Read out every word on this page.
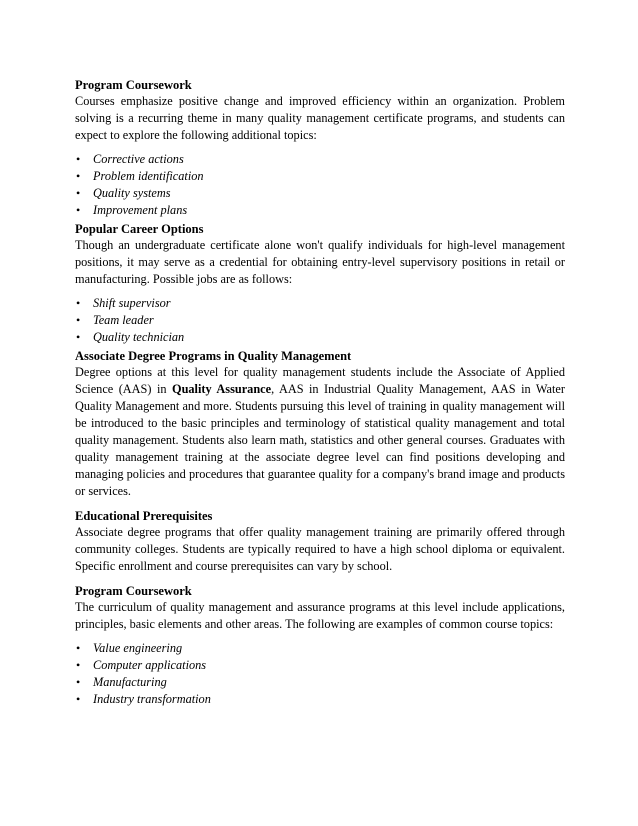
Program Coursework

Courses emphasize positive change and improved efficiency within an organization. Problem solving is a recurring theme in many quality management certificate programs, and students can expect to explore the following additional topics:

• Corrective actions
• Problem identification
• Quality systems
• Improvement plans
Popular Career Options

Though an undergraduate certificate alone won't qualify individuals for high-level management positions, it may serve as a credential for obtaining entry-level supervisory positions in retail or manufacturing. Possible jobs are as follows:

• Shift supervisor
• Team leader
• Quality technician
Associate Degree Programs in Quality Management

Degree options at this level for quality management students include the Associate of Applied Science (AAS) in Quality Assurance, AAS in Industrial Quality Management, AAS in Water Quality Management and more. Students pursuing this level of training in quality management will be introduced to the basic principles and terminology of statistical quality management and total quality management. Students also learn math, statistics and other general courses. Graduates with quality management training at the associate degree level can find positions developing and managing policies and procedures that guarantee quality for a company's brand image and products or services.

Educational Prerequisites

Associate degree programs that offer quality management training are primarily offered through community colleges. Students are typically required to have a high school diploma or equivalent. Specific enrollment and course prerequisites can vary by school.

Program Coursework

The curriculum of quality management and assurance programs at this level include applications, principles, basic elements and other areas. The following are examples of common course topics:

• Value engineering
• Computer applications
• Manufacturing
• Industry transformation
